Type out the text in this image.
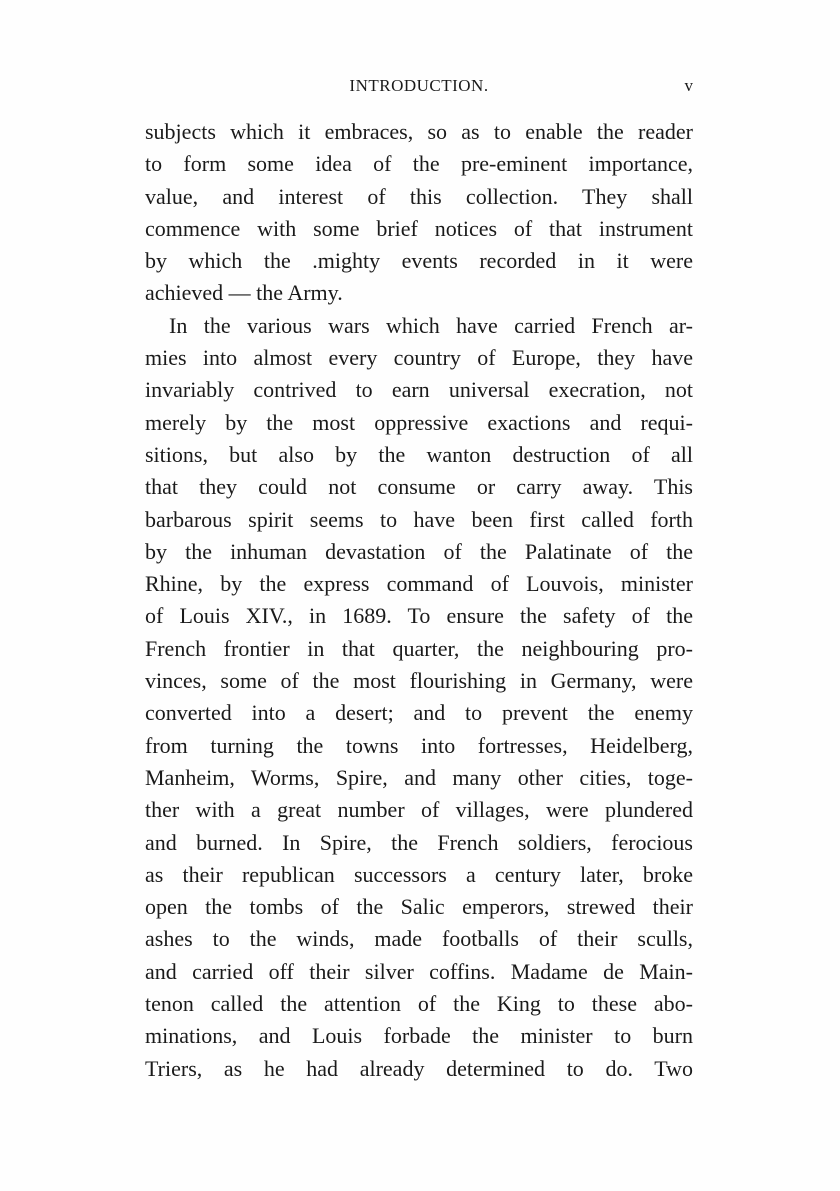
INTRODUCTION.	v
subjects which it embraces, so as to enable the reader
to form some idea of the pre-eminent importance,
value, and interest of this collection. They shall
commence with some brief notices of that instrument
by which the .mighty events recorded in it were
achieved — the Army.
In the various wars which have carried French ar-
mies into almost every country of Europe, they have
invariably contrived to earn universal execration, not
merely by the most oppressive exactions and requi-
sitions, but also by the wanton destruction of all
that they could not consume or carry away. This
barbarous spirit seems to have been first called forth
by the inhuman devastation of the Palatinate of the
Rhine, by the express command of Louvois, minister
of Louis XIV., in 1689. To ensure the safety of the
French frontier in that quarter, the neighbouring pro-
vinces, some of the most flourishing in Germany, were
converted into a desert; and to prevent the enemy
from turning the towns into fortresses, Heidelberg,
Manheim, Worms, Spire, and many other cities, toge-
ther with a great number of villages, were plundered
and burned. In Spire, the French soldiers, ferocious
as their republican successors a century later, broke
open the tombs of the Salic emperors, strewed their
ashes to the winds, made footballs of their sculls,
and carried off their silver coffins. Madame de Main-
tenon called the attention of the King to these abo-
minations, and Louis forbade the minister to burn
Triers, as he had already determined to do. Two
